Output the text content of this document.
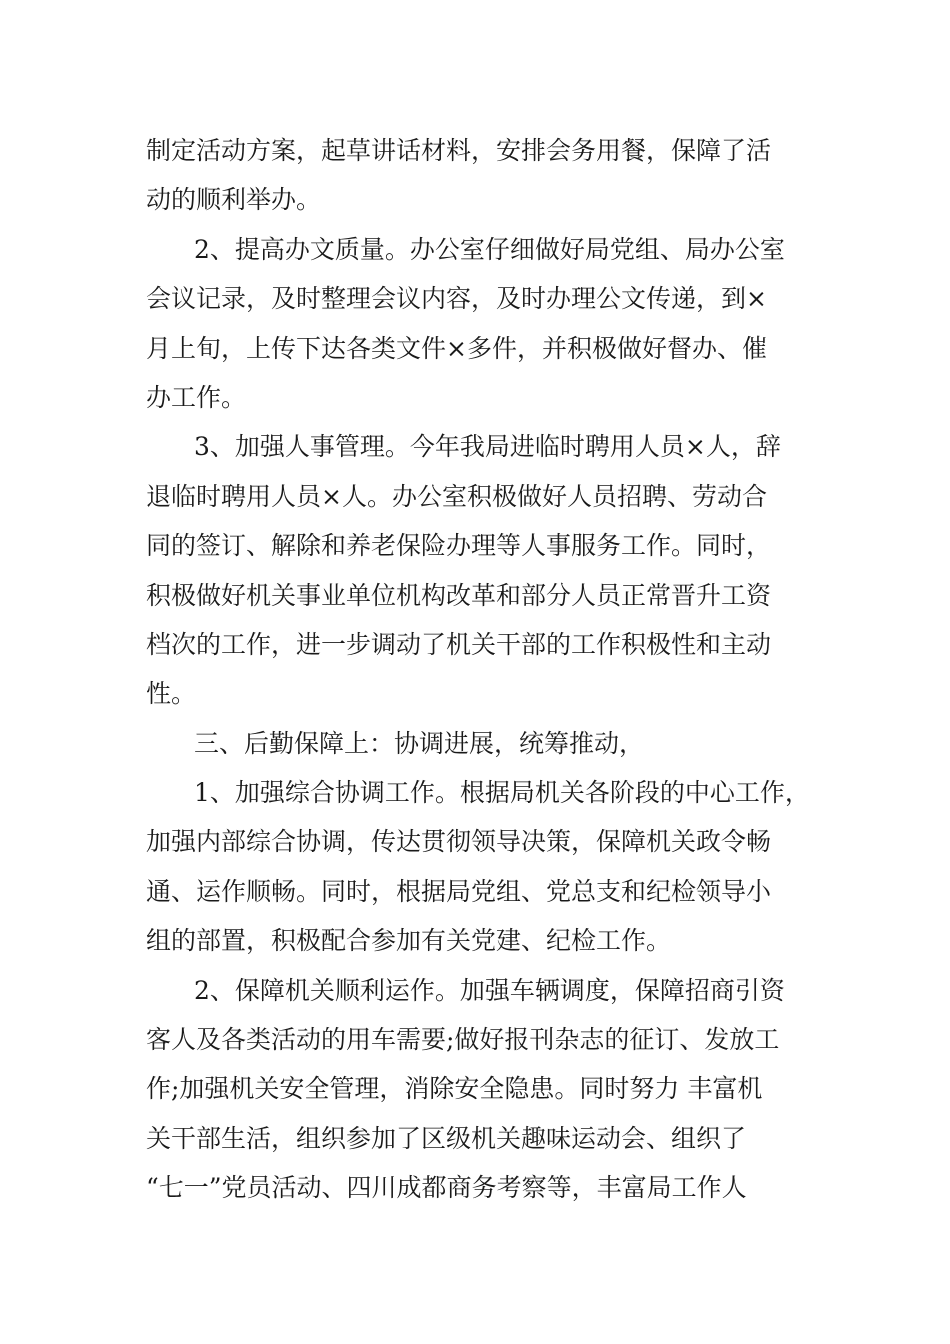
制定活动方案，起草讲话材料，安排会务用餐，保障了活
动的顺利举办。
2、提高办文质量。办公室仔细做好局党组、局办公室
会议记录，及时整理会议内容，及时办理公文传递，到×
月上旬，上传下达各类文件×多件，并积极做好督办、催
办工作。
3、加强人事管理。今年我局进临时聘用人员×人，辞
退临时聘用人员×人。办公室积极做好人员招聘、劳动合
同的签订、解除和养老保险办理等人事服务工作。同时，
积极做好机关事业单位机构改革和部分人员正常晋升工资
档次的工作，进一步调动了机关干部的工作积极性和主动
性。
三、后勤保障上：协调进展，统筹推动，
1、加强综合协调工作。根据局机关各阶段的中心工作，
加强内部综合协调，传达贯彻领导决策，保障机关政令畅
通、运作顺畅。同时，根据局党组、党总支和纪检领导小
组的部置，积极配合参加有关党建、纪检工作。
2、保障机关顺利运作。加强车辆调度，保障招商引资
客人及各类活动的用车需要;做好报刊杂志的征订、发放工
作;加强机关安全管理，消除安全隐患。同时努力 丰富机
关干部生活，组织参加了区级机关趣味运动会、组织了
“七一”党员活动、四川成都商务考察等，丰富局工作人
